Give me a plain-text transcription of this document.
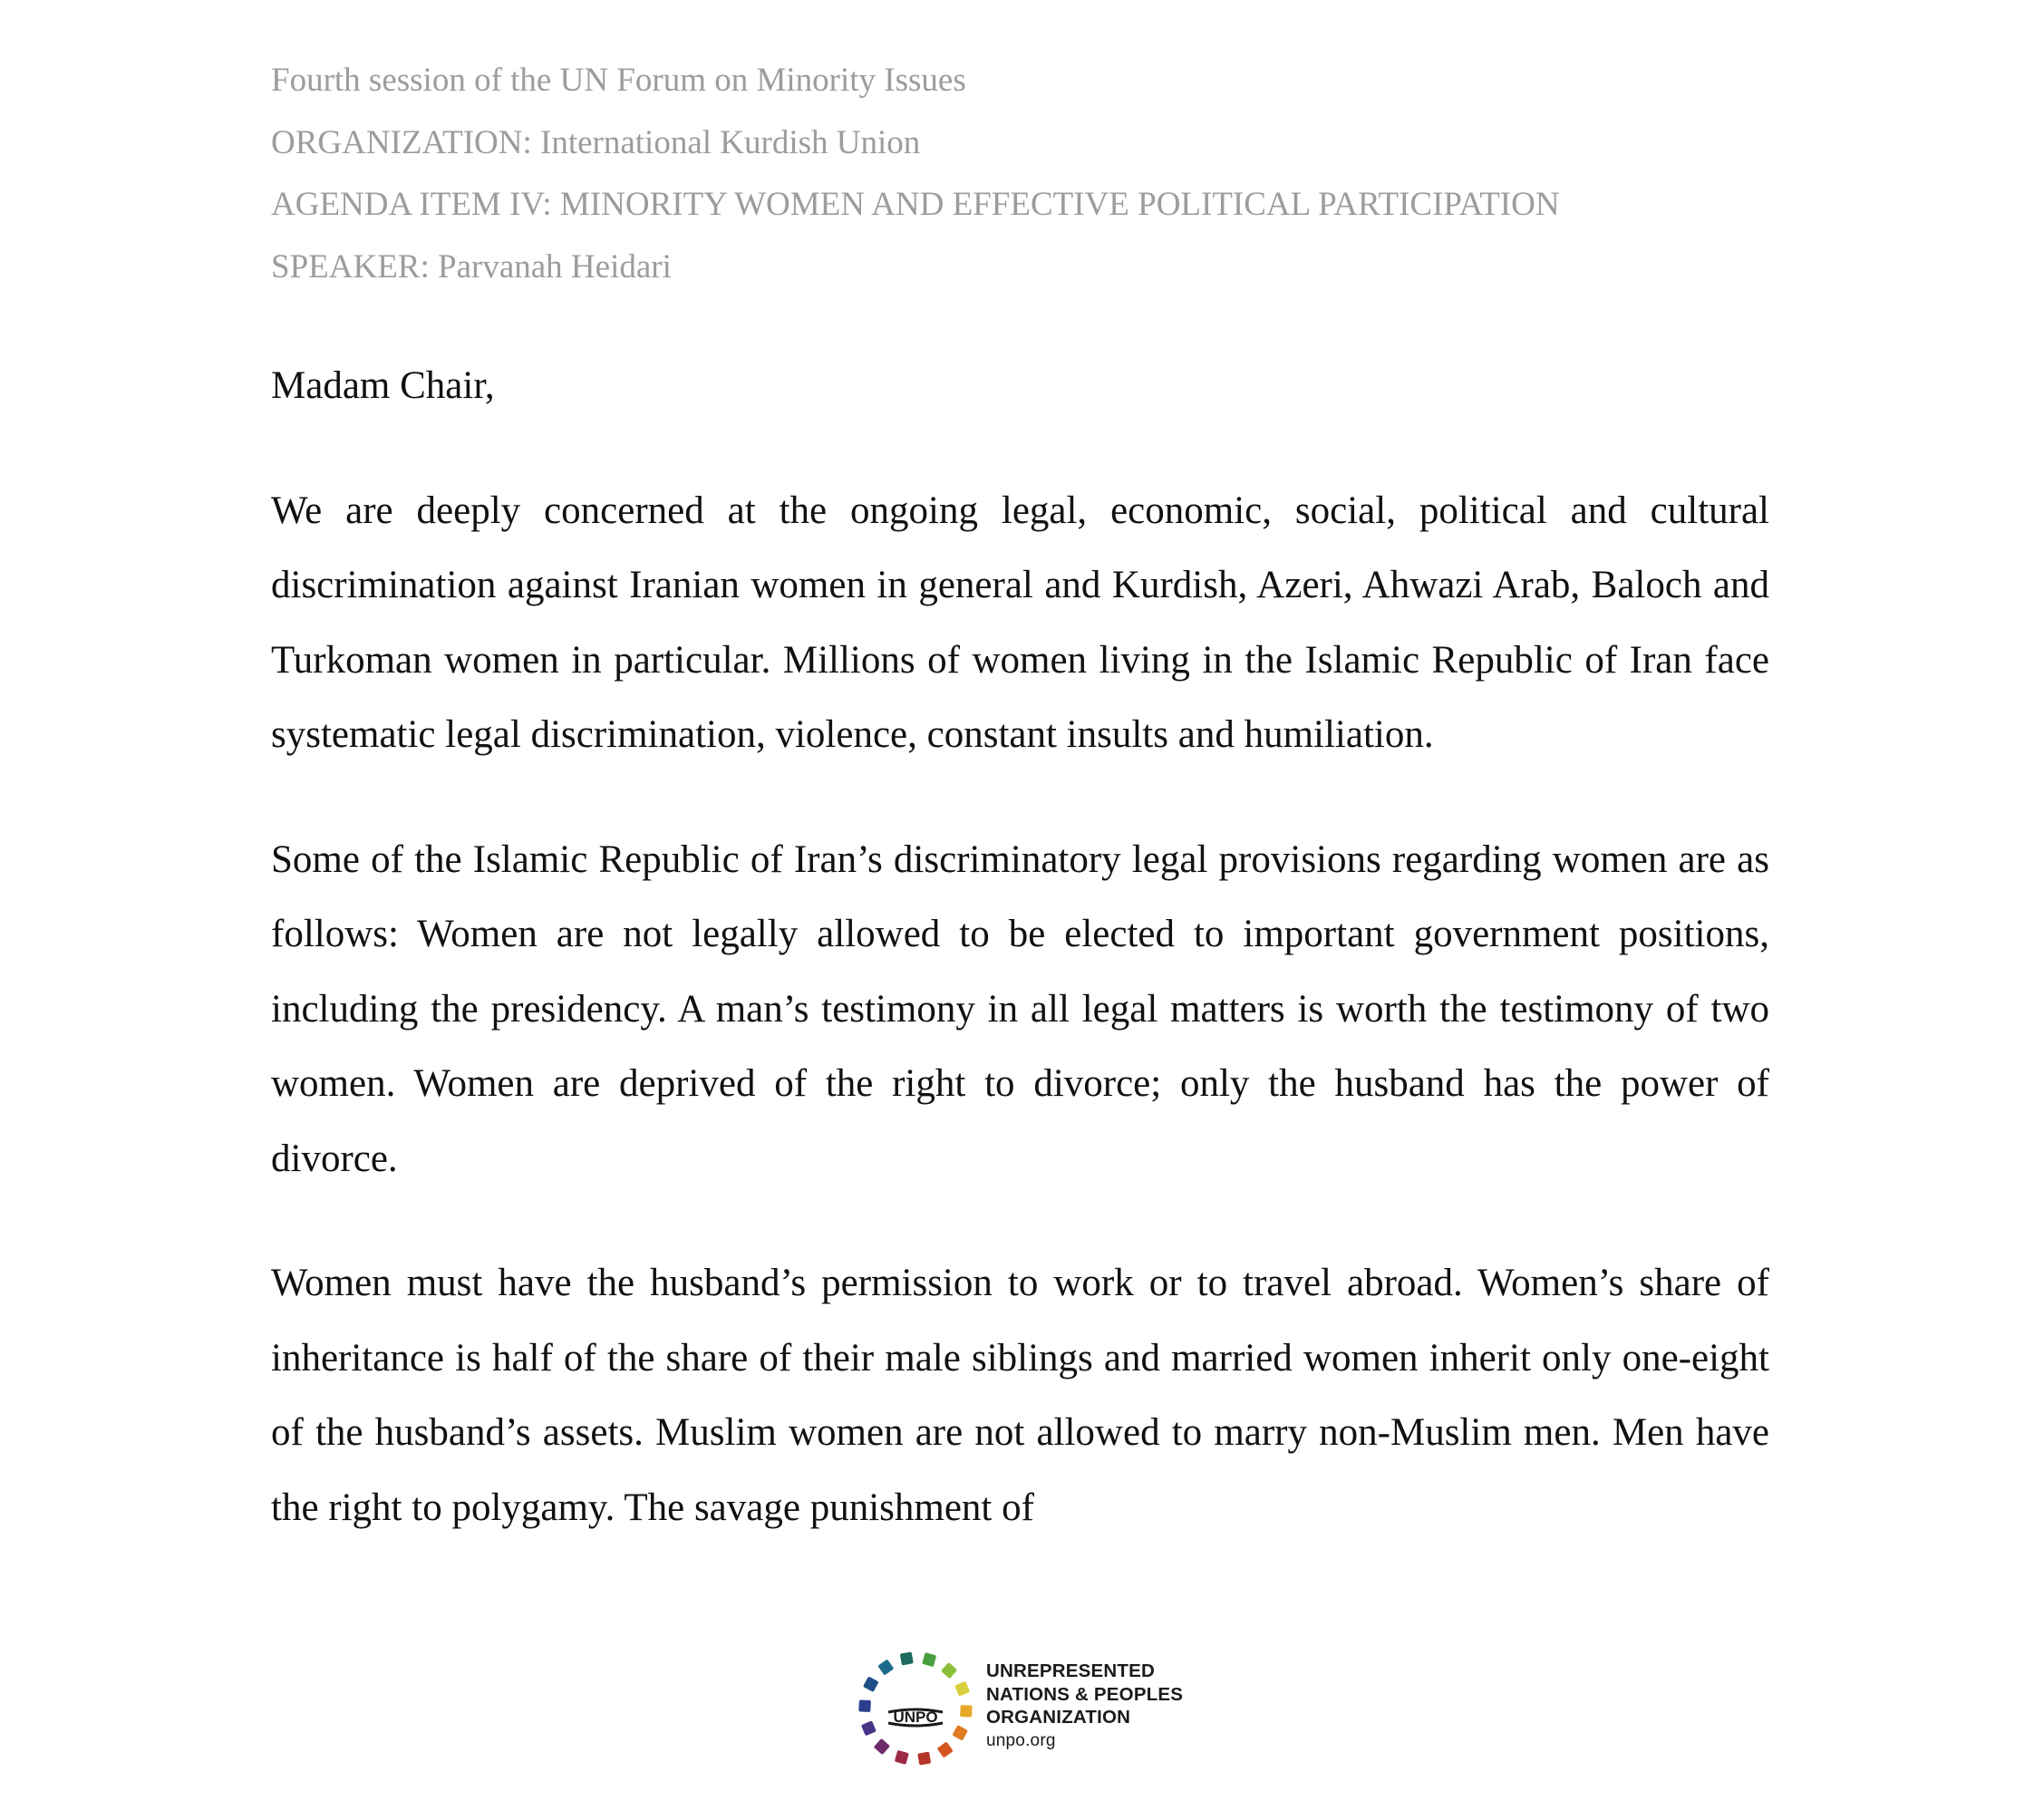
Fourth session of the UN Forum on Minority Issues
ORGANIZATION: International Kurdish Union
AGENDA ITEM IV: MINORITY WOMEN AND EFFECTIVE POLITICAL PARTICIPATION
SPEAKER: Parvanah Heidari

Madam Chair,

We are deeply concerned at the ongoing legal, economic, social, political and cultural discrimination against Iranian women in general and Kurdish, Azeri, Ahwazi Arab, Baloch and Turkoman women in particular. Millions of women living in the Islamic Republic of Iran face systematic legal discrimination, violence, constant insults and humiliation.

Some of the Islamic Republic of Iran’s discriminatory legal provisions regarding women are as follows: Women are not legally allowed to be elected to important government positions, including the presidency. A man’s testimony in all legal matters is worth the testimony of two women. Women are deprived of the right to divorce; only the husband has the power of divorce.

Women must have the husband’s permission to work or to travel abroad. Women’s share of inheritance is half of the share of their male siblings and married women inherit only one-eight of the husband’s assets. Muslim women are not allowed to marry non-Muslim men. Men have the right to polygamy. The savage punishment of

UNPO
UNREPRESENTED
NATIONS & PEOPLES
ORGANIZATION
unpo.org
